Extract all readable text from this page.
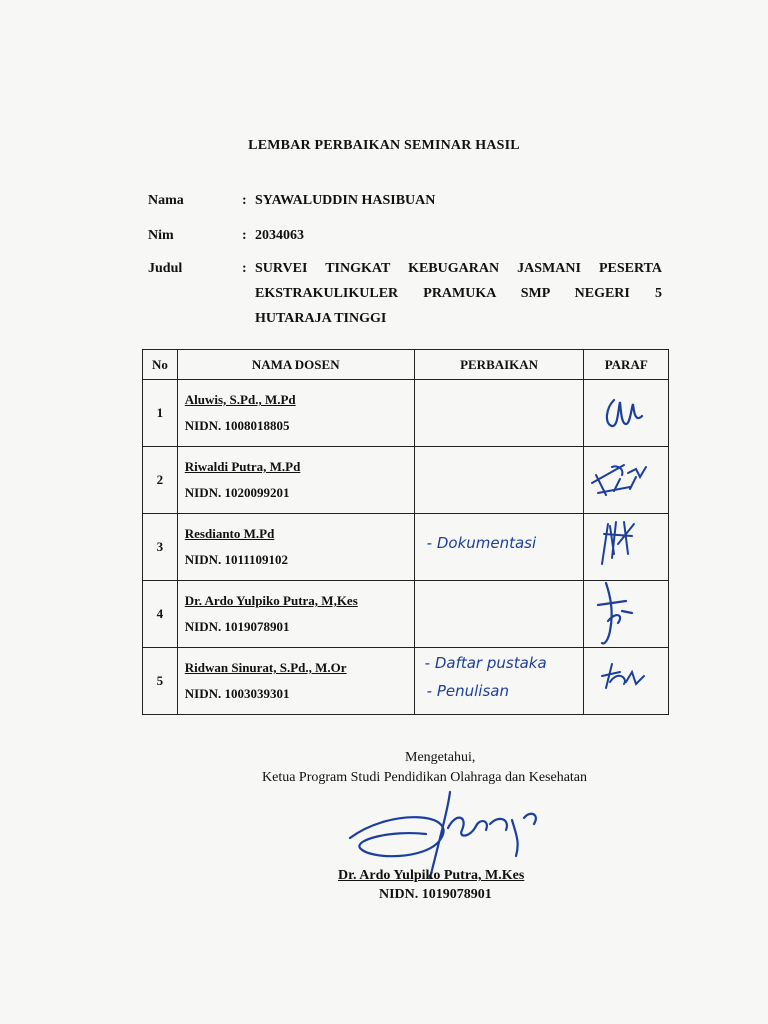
LEMBAR PERBAIKAN SEMINAR HASIL
Nama	: SYAWALUDDIN HASIBUAN
Nim	: 2034063
Judul	: SURVEI TINGKAT KEBUGARAN JASMANI PESERTA
EKSTRAKULIKULER PRAMUKA SMP NEGERI 5
HUTARAJA TINGGI
No	NAMA DOSEN	PERBAIKAN	PARAF
1	Aluwis, S.Pd., M.Pd
NIDN. 1008018805

2	Riwaldi Putra, M.Pd
NIDN. 1020099201

3	Resdianto M.Pd
NIDN. 1011109102	- Dokumentasi

4	Dr. Ardo Yulpiko Putra, M,Kes
NIDN. 1019078901

5	Ridwan Sinurat, S.Pd., M.Or
NIDN. 1003039301	- Daftar pustaka
- Penulisan

Mengetahui,
Ketua Program Studi Pendidikan Olahraga dan Kesehatan
Dr. Ardo Yulpiko Putra, M.Kes
NIDN. 1019078901
